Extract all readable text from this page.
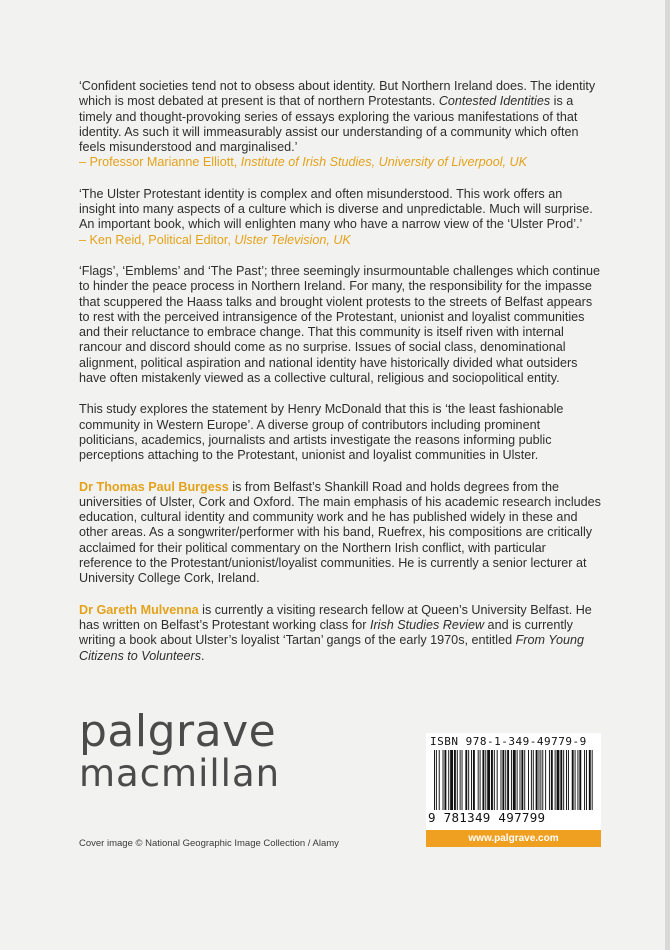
‘Confident societies tend not to obsess about identity. But Northern Ireland does. The identity which is most debated at present is that of northern Protestants. Contested Identities is a timely and thought-provoking series of essays exploring the various manifestations of that identity. As such it will immeasurably assist our understanding of a community which often feels misunderstood and marginalised.’
– Professor Marianne Elliott, Institute of Irish Studies, University of Liverpool, UK

‘The Ulster Protestant identity is complex and often misunderstood. This work offers an insight into many aspects of a culture which is diverse and unpredictable. Much will surprise. An important book, which will enlighten many who have a narrow view of the ‘Ulster Prod’.’
– Ken Reid, Political Editor, Ulster Television, UK

‘Flags’, ‘Emblems’ and ‘The Past’; three seemingly insurmountable challenges which continue to hinder the peace process in Northern Ireland. For many, the responsibility for the impasse that scuppered the Haass talks and brought violent protests to the streets of Belfast appears to rest with the perceived intransigence of the Protestant, unionist and loyalist communities and their reluctance to embrace change. That this community is itself riven with internal rancour and discord should come as no surprise. Issues of social class, denominational alignment, political aspiration and national identity have historically divided what outsiders have often mistakenly viewed as a collective cultural, religious and sociopolitical entity.

This study explores the statement by Henry McDonald that this is ‘the least fashionable community in Western Europe’. A diverse group of contributors including prominent politicians, academics, journalists and artists investigate the reasons informing public perceptions attaching to the Protestant, unionist and loyalist communities in Ulster.

Dr Thomas Paul Burgess is from Belfast’s Shankill Road and holds degrees from the universities of Ulster, Cork and Oxford. The main emphasis of his academic research includes education, cultural identity and community work and he has published widely in these and other areas. As a songwriter/performer with his band, Ruefrex, his compositions are critically acclaimed for their political commentary on the Northern Irish conflict, with particular reference to the Protestant/unionist/loyalist communities. He is currently a senior lecturer at University College Cork, Ireland.

Dr Gareth Mulvenna is currently a visiting research fellow at Queen’s University Belfast. He has written on Belfast’s Protestant working class for Irish Studies Review and is currently writing a book about Ulster’s loyalist ‘Tartan’ gangs of the early 1970s, entitled From Young Citizens to Volunteers.

palgrave
macmillan
Cover image © National Geographic Image Collection / Alamy
ISBN 978-1-349-49779-9
9 781349 497799
www.palgrave.com
